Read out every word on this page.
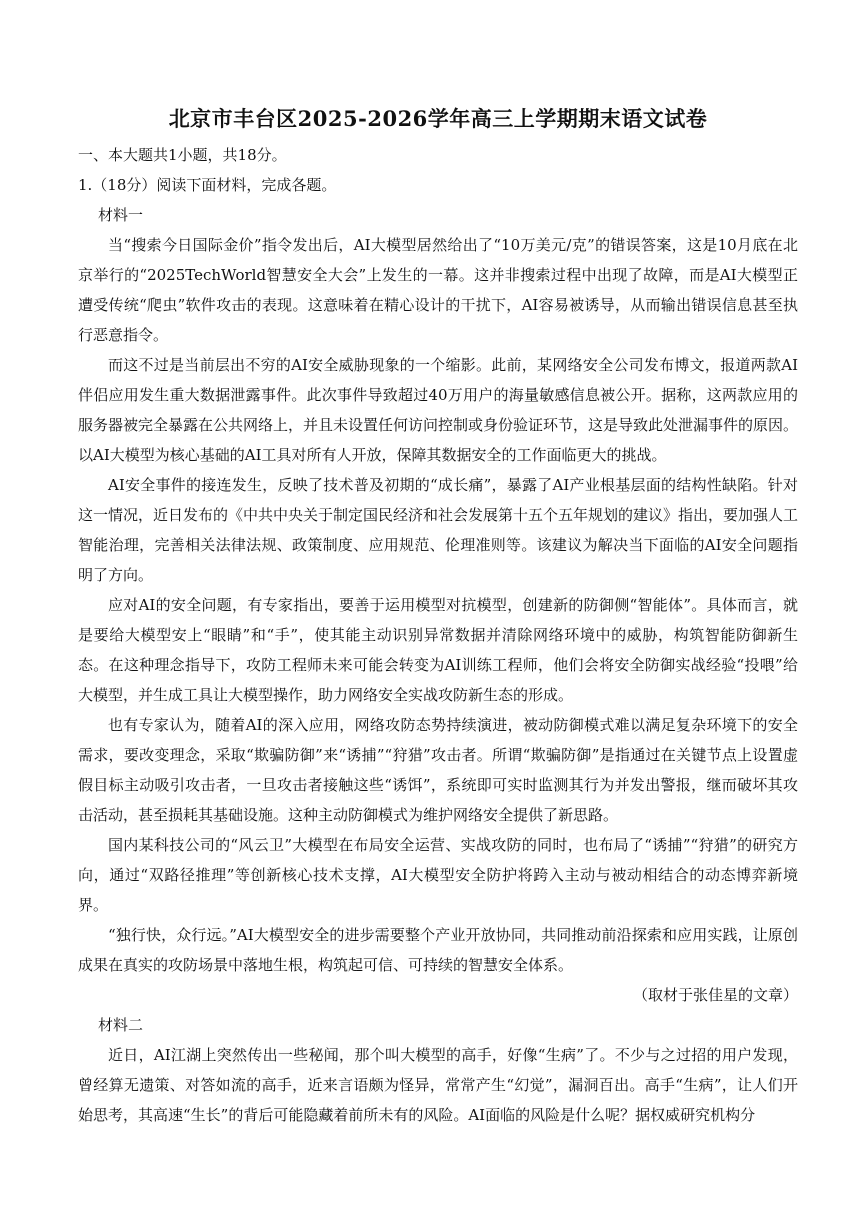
北京市丰台区2025-2026学年高三上学期期末语文试卷

一、本大题共1小题，共18分。

1.（18分）阅读下面材料，完成各题。

材料一

当“搜索今日国际金价”指令发出后，AI大模型居然给出了“10万美元/克”的错误答案，这是10月底在北京举行的“2025TechWorld智慧安全大会”上发生的一幕。这并非搜索过程中出现了故障，而是AI大模型正遭受传统“爬虫”软件攻击的表现。这意味着在精心设计的干扰下，AI容易被诱导，从而输出错误信息甚至执行恶意指令。

而这不过是当前层出不穷的AI安全威胁现象的一个缩影。此前，某网络安全公司发布博文，报道两款AI伴侣应用发生重大数据泄露事件。此次事件导致超过40万用户的海量敏感信息被公开。据称，这两款应用的服务器被完全暴露在公共网络上，并且未设置任何访问控制或身份验证环节，这是导致此处泄漏事件的原因。以AI大模型为核心基础的AI工具对所有人开放，保障其数据安全的工作面临更大的挑战。

AI安全事件的接连发生，反映了技术普及初期的“成长痛”，暴露了AI产业根基层面的结构性缺陷。针对这一情况，近日发布的《中共中央关于制定国民经济和社会发展第十五个五年规划的建议》指出，要加强人工智能治理，完善相关法律法规、政策制度、应用规范、伦理准则等。该建议为解决当下面临的AI安全问题指明了方向。

应对AI的安全问题，有专家指出，要善于运用模型对抗模型，创建新的防御侧“智能体”。具体而言，就是要给大模型安上“眼睛”和“手”，使其能主动识别异常数据并清除网络环境中的威胁，构筑智能防御新生态。在这种理念指导下，攻防工程师未来可能会转变为AI训练工程师，他们会将安全防御实战经验“投喂”给大模型，并生成工具让大模型操作，助力网络安全实战攻防新生态的形成。

也有专家认为，随着AI的深入应用，网络攻防态势持续演进，被动防御模式难以满足复杂环境下的安全需求，要改变理念，采取“欺骗防御”来“诱捕”“狩猎”攻击者。所谓“欺骗防御”是指通过在关键节点上设置虚假目标主动吸引攻击者，一旦攻击者接触这些“诱饵”，系统即可实时监测其行为并发出警报，继而破坏其攻击活动，甚至损耗其基础设施。这种主动防御模式为维护网络安全提供了新思路。

国内某科技公司的“风云卫”大模型在布局安全运营、实战攻防的同时，也布局了“诱捕”“狩猎”的研究方向，通过“双路径推理”等创新核心技术支撑，AI大模型安全防护将跨入主动与被动相结合的动态博弈新境界。

“独行快，众行远。”AI大模型安全的进步需要整个产业开放协同，共同推动前沿探索和应用实践，让原创成果在真实的攻防场景中落地生根，构筑起可信、可持续的智慧安全体系。

（取材于张佳星的文章）

材料二

近日，AI江湖上突然传出一些秘闻，那个叫大模型的高手，好像“生病”了。不少与之过招的用户发现，曾经算无遗策、对答如流的高手，近来言语颇为怪异，常常产生“幻觉”，漏洞百出。高手“生病”，让人们开始思考，其高速“生长”的背后可能隐藏着前所未有的风险。AI面临的风险是什么呢？据权威研究机构分
